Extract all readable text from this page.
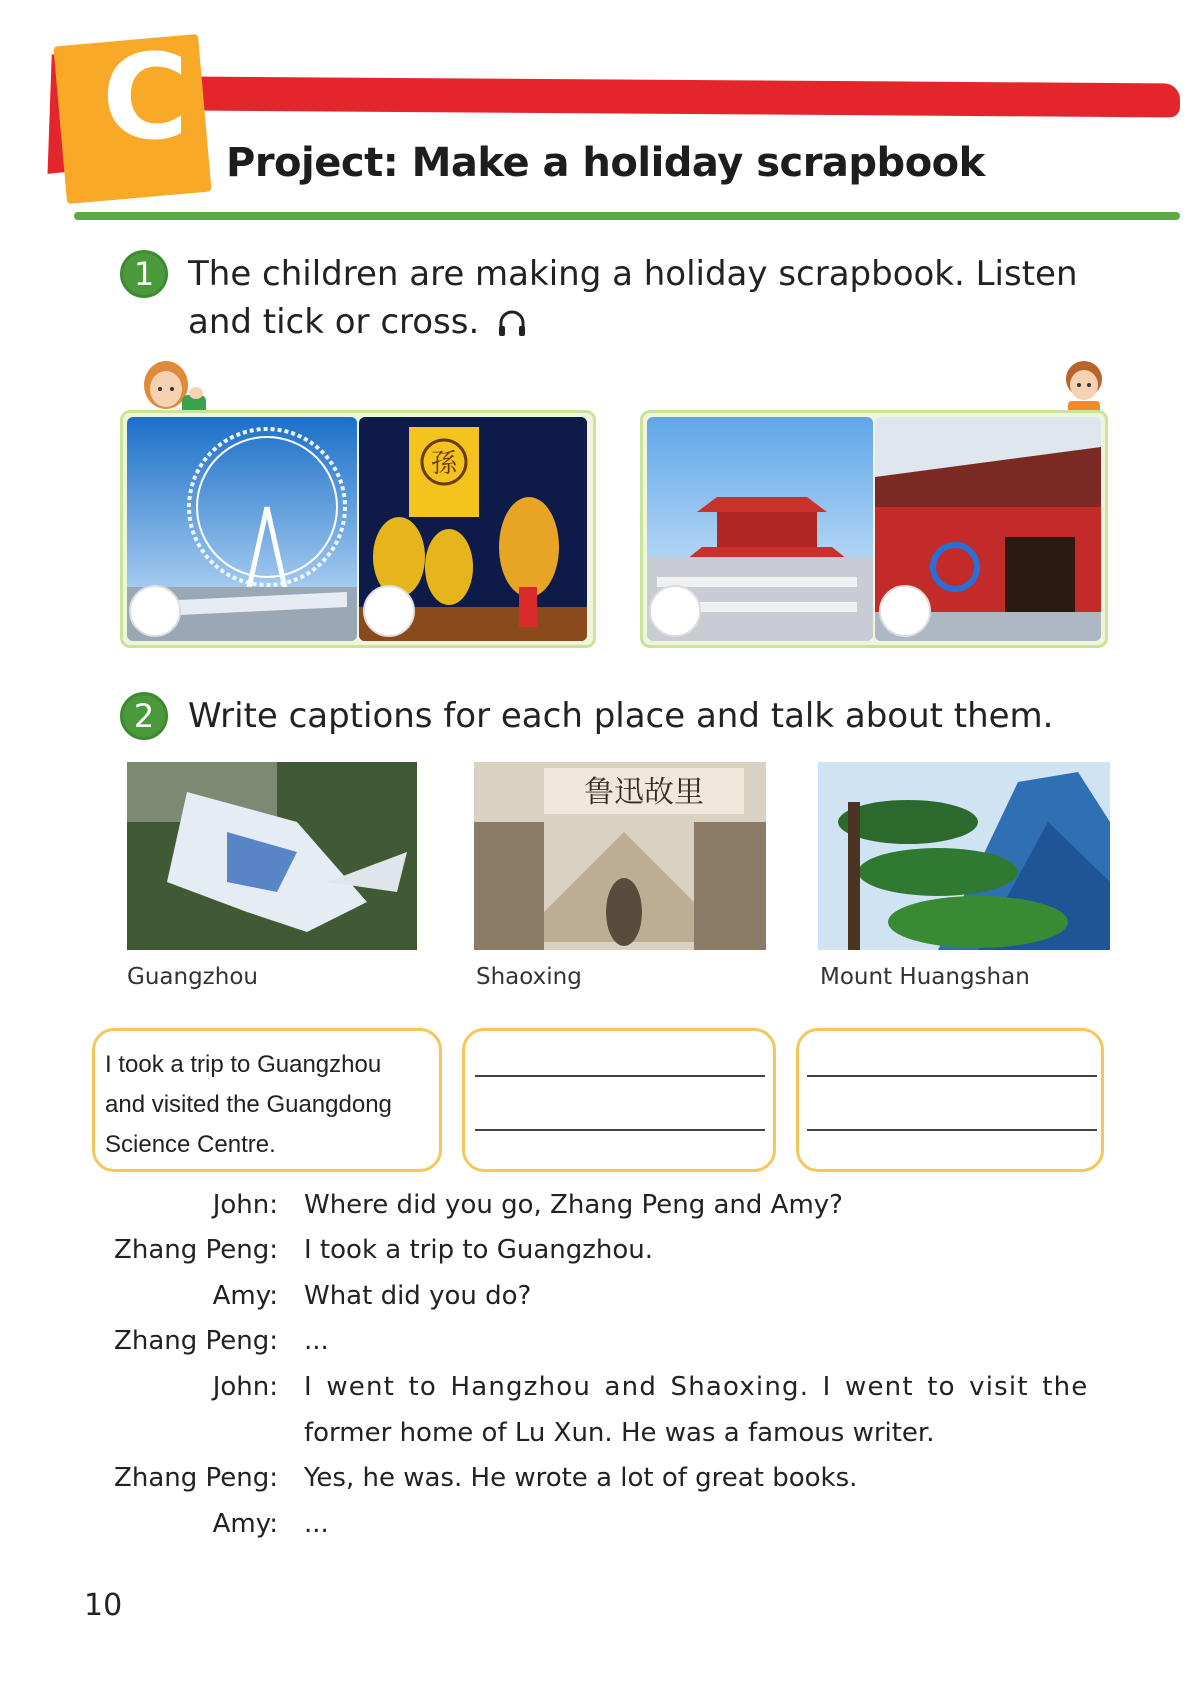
C Project: Make a holiday scrapbook
1 The children are making a holiday scrapbook. Listen
and tick or cross.
孫
2 Write captions for each place and talk about them.
鲁迅故里
Guangzhou	Shaoxing	Mount Huangshan
I took a trip to Guangzhou
and visited the Guangdong
Science Centre.
John: Where did you go, Zhang Peng and Amy?
Zhang Peng: I took a trip to Guangzhou.
Amy: What did you do?
Zhang Peng: ...
John: I went to Hangzhou and Shaoxing. I went to visit the
former home of Lu Xun. He was a famous writer.
Zhang Peng: Yes, he was. He wrote a lot of great books.
Amy: ...
10
